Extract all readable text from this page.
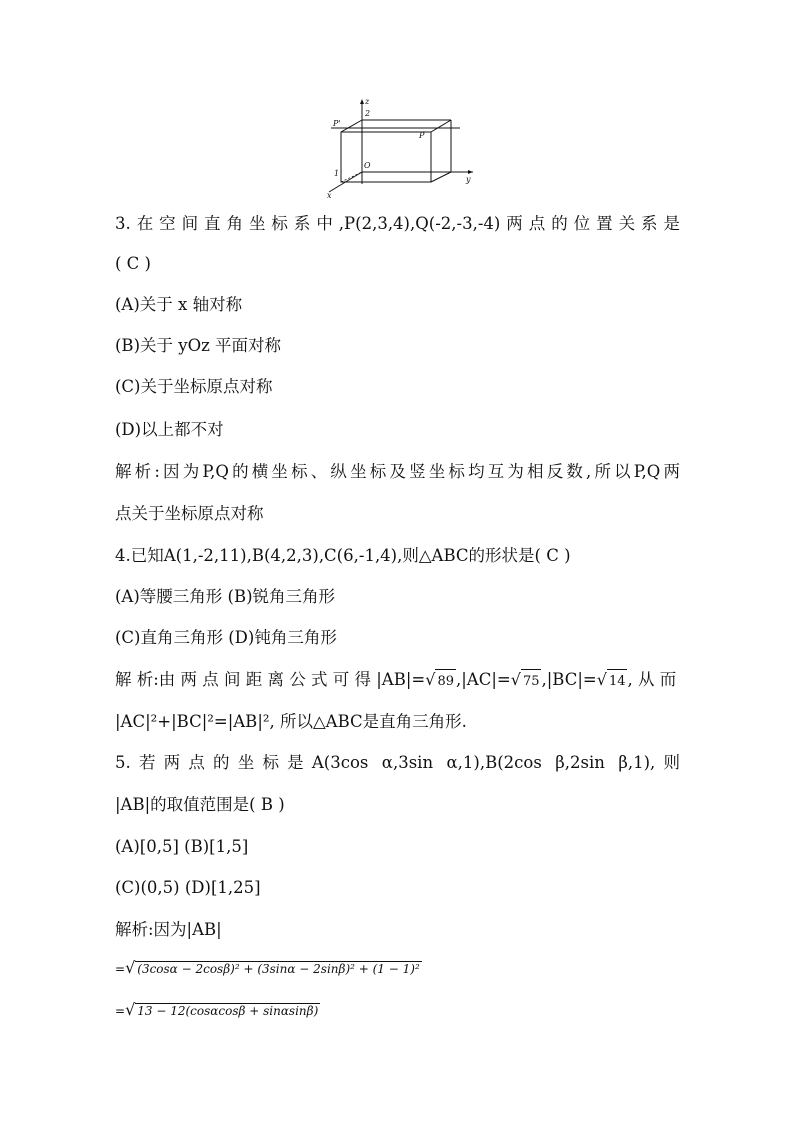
z
2
P'
P
O
1
y
x
3.在空间直角坐标系中,P(2,3,4),Q(-2,-3,-4)两点的位置关系是
( C )
(A)关于 x 轴对称
(B)关于 yOz 平面对称
(C)关于坐标原点对称
(D)以上都不对
解析:因为P,Q的横坐标、纵坐标及竖坐标均互为相反数,所以P,Q两
点关于坐标原点对称
4.已知A(1,-2,11),B(4,2,3),C(6,-1,4),则△ABC的形状是( C )
(A)等腰三角形 (B)锐角三角形
(C)直角三角形 (D)钝角三角形
解 析:由 两 点 间 距 离 公 式 可 得 |AB|=√ 89 ,|AC|=√ 75 ,|BC|=√ 14 , 从 而
|AC|²+|BC|²=|AB|², 所以△ABC是直角三角形.
5.若两点的坐标是A(3cos α,3sin α,1),B(2cos β,2sin β,1),则
|AB|的取值范围是( B )
(A)[0,5] (B)[1,5]
(C)(0,5) (D)[1,25]
解析:因为|AB|
=√ (3cosα − 2cosβ)² + (3sinα − 2sinβ)² + (1 − 1)²
=√ 13 − 12(cosαcosβ + sinαsinβ)
